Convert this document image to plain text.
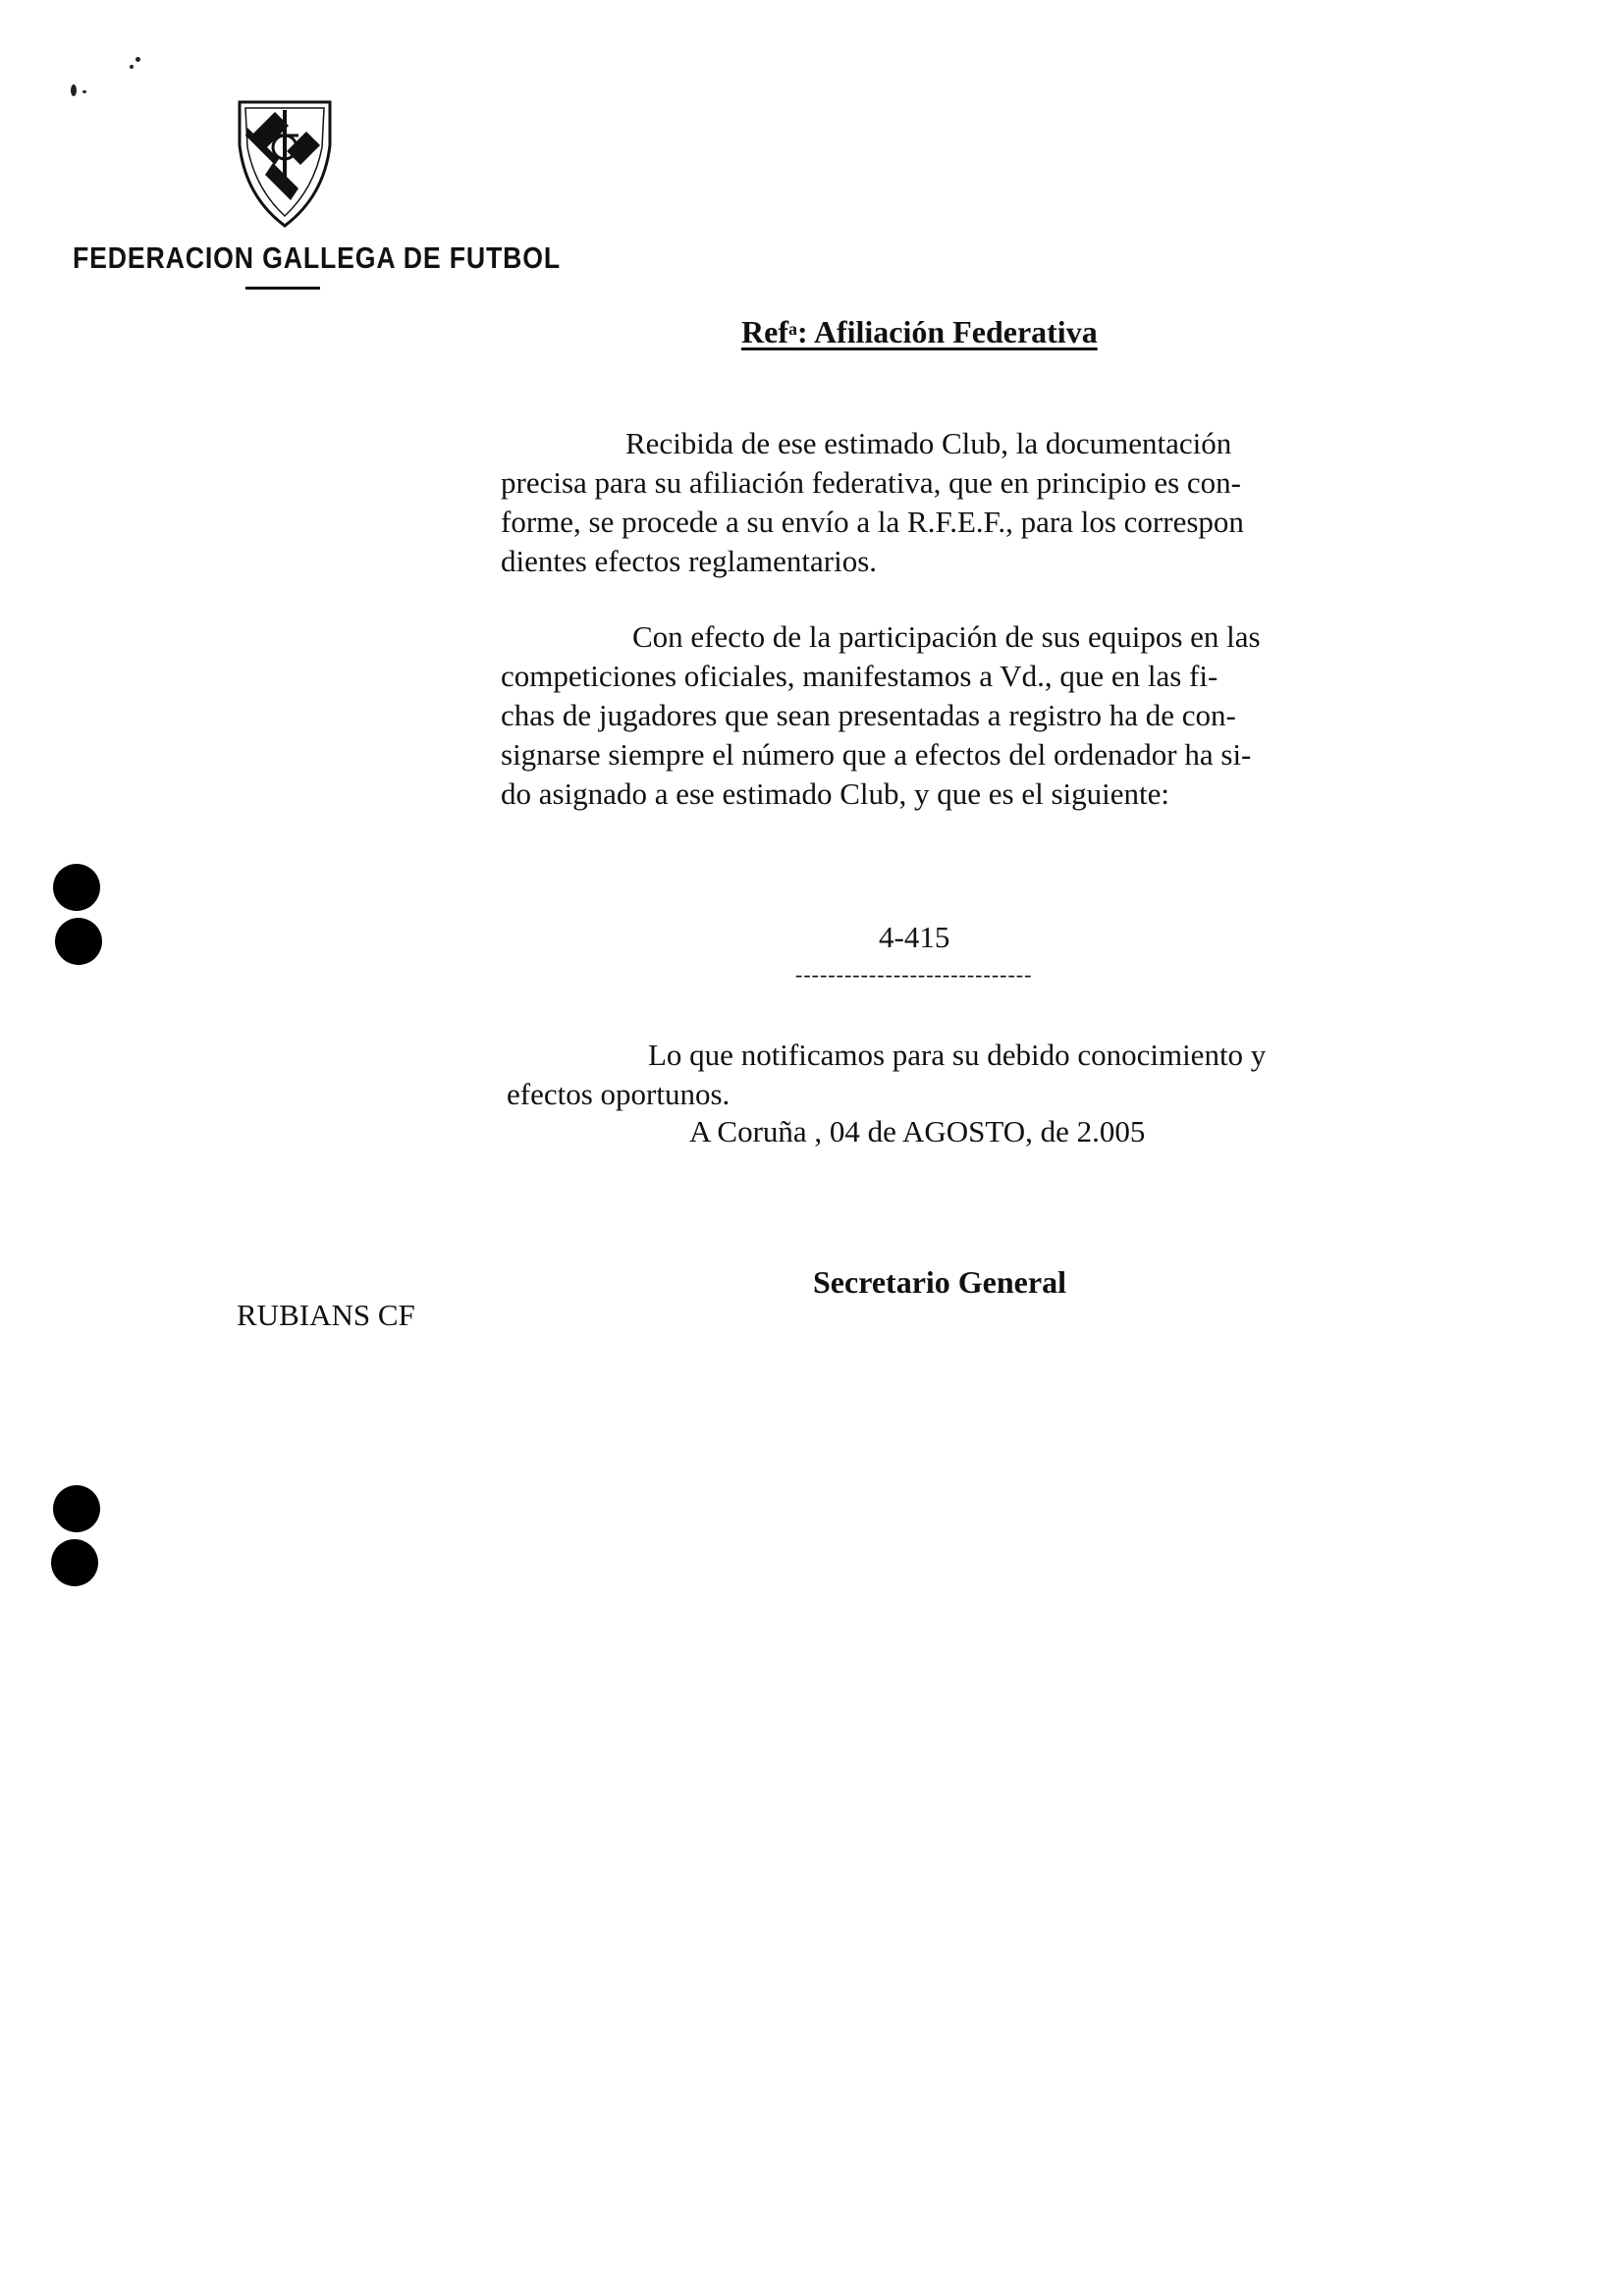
FEDERACION GALLEGA DE FUTBOL
Ref$^a$: Afiliación Federativa
Recibida de ese estimado Club, la documentación
precisa para su afiliación federativa, que en principio es con-
forme, se procede a su envío a la R.F.E.F., para los correspon
dientes efectos reglamentarios.
Con efecto de la participación de sus equipos en las
competiciones oficiales, manifestamos a Vd., que en las fi-
chas de jugadores que sean presentadas a registro ha de con-
signarse siempre el número que a efectos del ordenador ha si-
do asignado a ese estimado Club, y que es el siguiente:
4-415
-----------------------------
Lo que notificamos para su debido conocimiento y
efectos oportunos.
A Coruña , 04 de AGOSTO, de 2.005
Secretario General
RUBIANS CF
